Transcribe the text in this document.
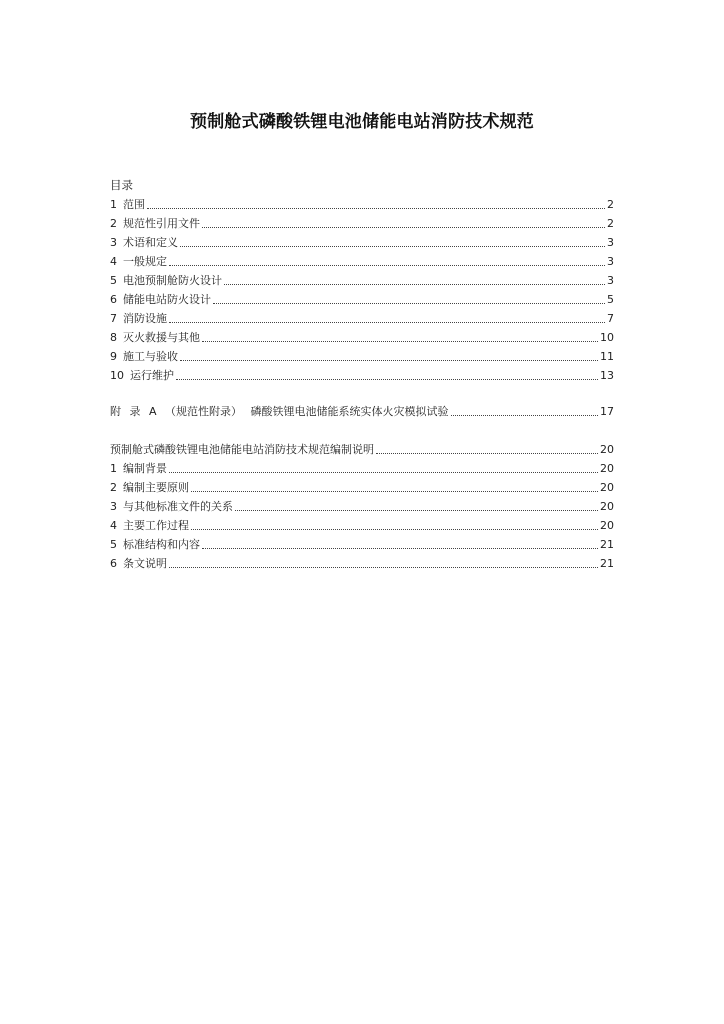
预制舱式磷酸铁锂电池储能电站消防技术规范
目录
1 范围	2
2 规范性引用文件	2
3 术语和定义	3
4 一般规定	3
5 电池预制舱防火设计	3
6 储能电站防火设计	5
7 消防设施	7
8 灭火救援与其他	10
9 施工与验收	11
10 运行维护	13
附 录 A （规范性附录） 磷酸铁锂电池储能系统实体火灾模拟试验	17
预制舱式磷酸铁锂电池储能电站消防技术规范编制说明	20
1 编制背景	20
2 编制主要原则	20
3 与其他标准文件的关系	20
4 主要工作过程	20
5 标准结构和内容	21
6 条文说明	21
